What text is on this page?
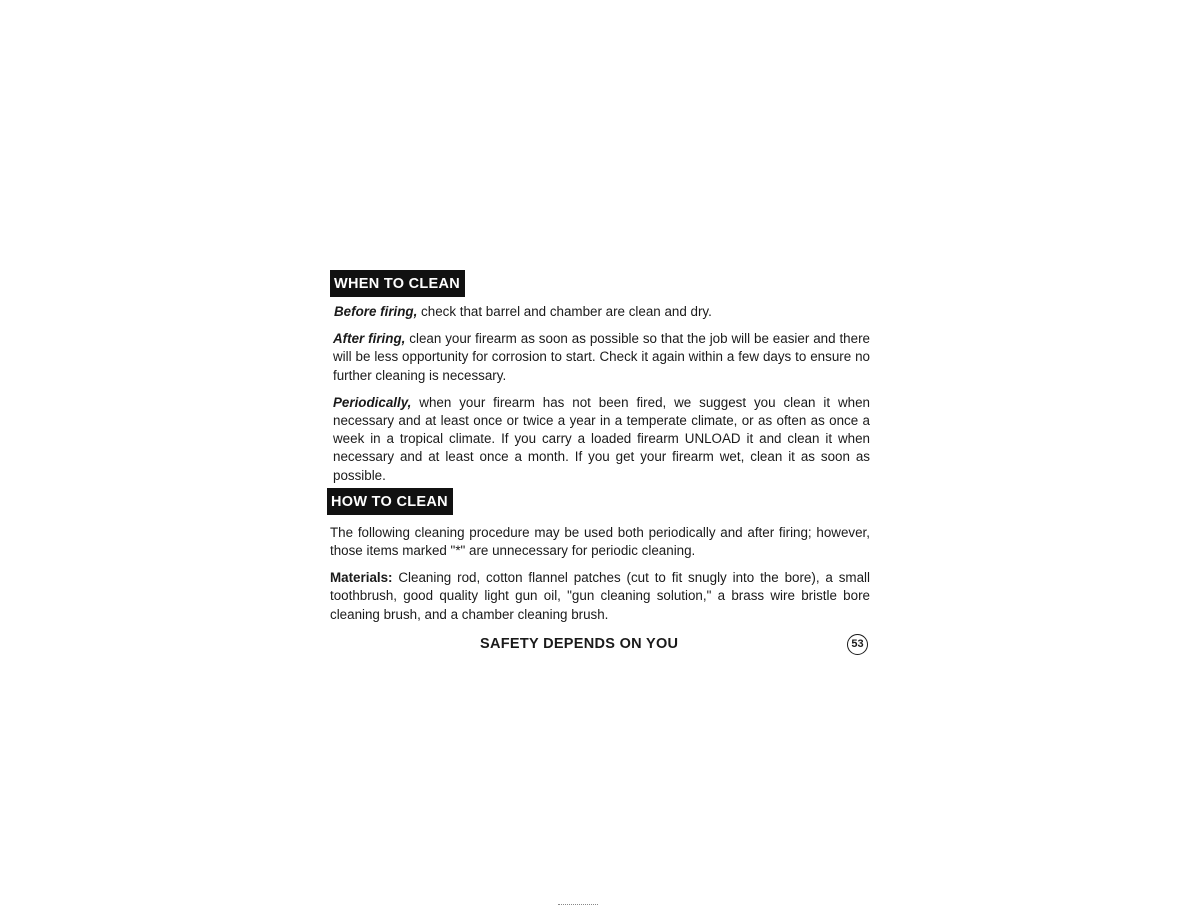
WHEN TO CLEAN

Before firing, check that barrel and chamber are clean and dry.

After firing, clean your firearm as soon as possible so that the job will be easier and there will be less opportunity for corrosion to start. Check it again within a few days to ensure no further cleaning is necessary.

Periodically, when your firearm has not been fired, we suggest you clean it when necessary and at least once or twice a year in a temperate climate, or as often as once a week in a tropical climate. If you carry a loaded firearm UNLOAD it and clean it when necessary and at least once a month. If you get your firearm wet, clean it as soon as possible.

HOW TO CLEAN

The following cleaning procedure may be used both periodically and after firing; however, those items marked "*" are unnecessary for periodic cleaning.

Materials: Cleaning rod, cotton flannel patches (cut to fit snugly into the bore), a small toothbrush, good quality light gun oil, "gun cleaning solution," a brass wire bristle bore cleaning brush, and a chamber cleaning brush.

SAFETY DEPENDS ON YOU	53
